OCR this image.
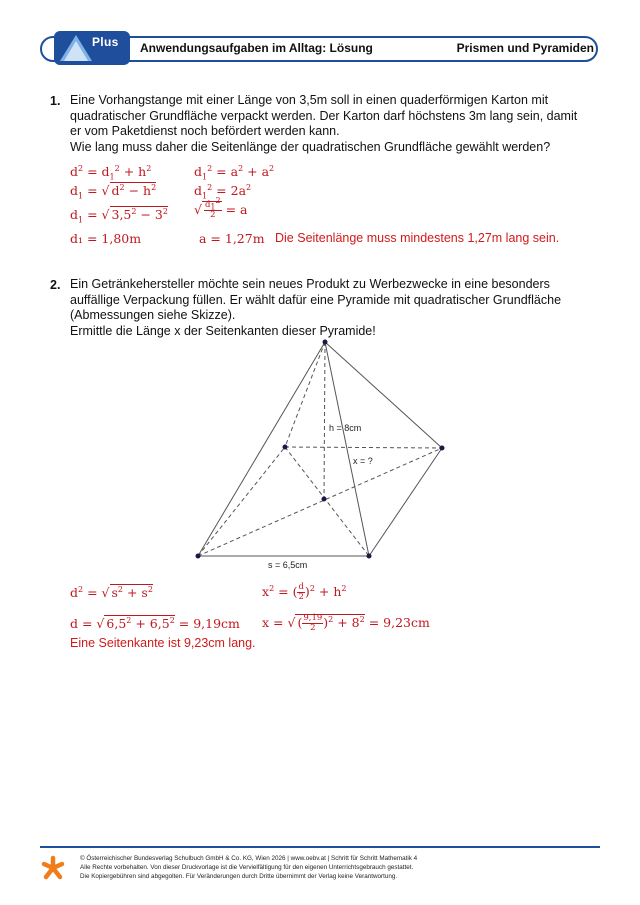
Plus Anwendungsaufgaben im Alltag: Lösung	Prismen und Pyramiden
1. Eine Vorhangstange mit einer Länge von 3,5m soll in einen quaderförmigen Karton mit
quadratischer Grundfläche verpackt werden. Der Karton darf höchstens 3m lang sein, damit
er vom Paketdienst noch befördert werden kann.
Wie lang muss daher die Seitenlänge der quadratischen Grundfläche gewählt werden?
$d^2 = d_1^2 + h^2$	$d_1^2 = a^2 + a^2$
$d_1$ = √ $d^2 - h^2$	$d_1^2 = 2a^2$
$d_1$ = √ $3,5^2 - 3^2$ √ $\frac{d_1^2}{2} = a$
d₁ = 1,80m	a = 1,27m Die Seitenlänge muss mindestens 1,27m lang sein.
2. Ein Getränkehersteller möchte sein neues Produkt zu Werbezwecke in eine besonders
auffällige Verpackung füllen. Er wählt dafür eine Pyramide mit quadratischer Grundfläche
(Abmessungen siehe Skizze).
Ermittle die Länge x der Seitenkanten dieser Pyramide!
h = 8cm
x = ?
s = 6,5cm
$d^2$ = √ $s^2 + s^2$	$x^2$ = ( $\frac{d}{2} )^2 + h^2$
d = √ $6,5^2 + 6,5^2 = 9,19cm$ x = √ ( $\frac{9,19}{2} )^2 + 8^2 = 9,23cm$
Eine Seitenkante ist 9,23cm lang.
© Österreichischer Bundesverlag Schulbuch GmbH & Co. KG, Wien 2026 | www.oebv.at | Schritt für Schritt Mathematik 4
Alle Rechte vorbehalten. Von dieser Druckvorlage ist die Vervielfältigung für den eigenen Unterrichtsgebrauch gestattet.
Die Kopiergebühren sind abgegolten. Für Veränderungen durch Dritte übernimmt der Verlag keine Verantwortung.
